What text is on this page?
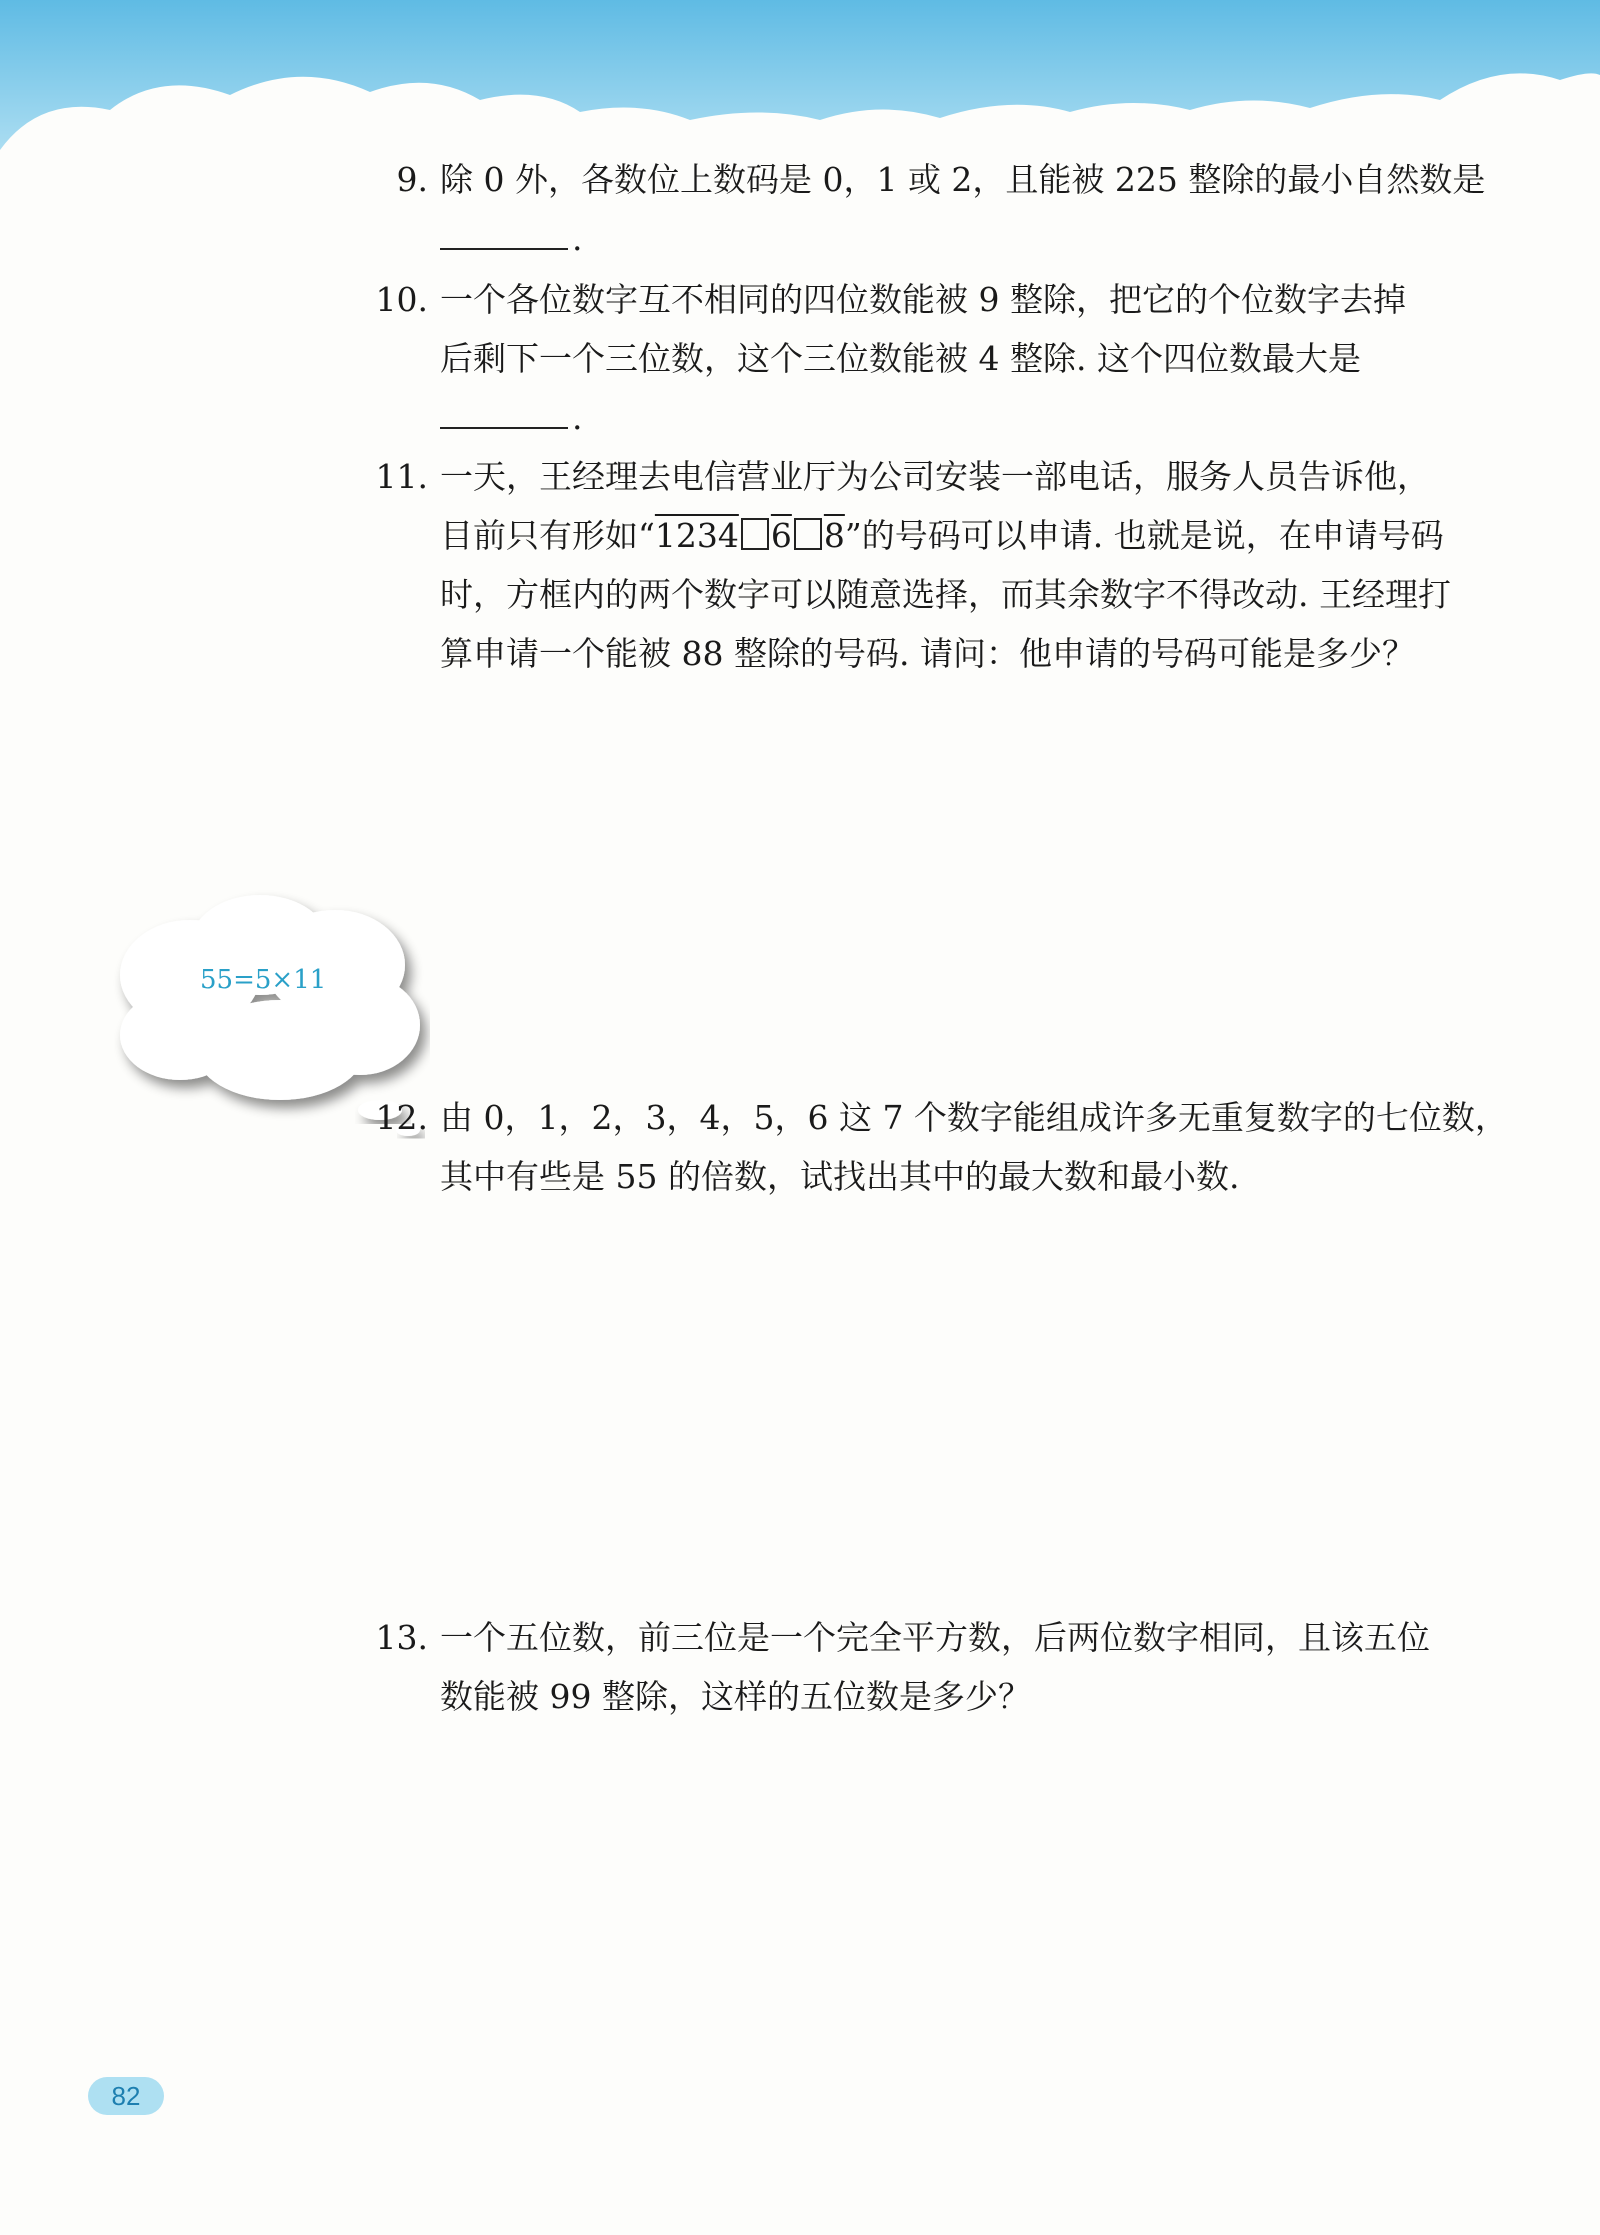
9. 除 0 外，各数位上数码是 0，1 或 2，且能被 225 整除的最小自然数是
.
10. 一个各位数字互不相同的四位数能被 9 整除，把它的个位数字去掉
后剩下一个三位数，这个三位数能被 4 整除. 这个四位数最大是
.
11. 一天，王经理去电信营业厅为公司安装一部电话，服务人员告诉他，
目前只有形如“1234 6 8”的号码可以申请. 也就是说，在申请号码
时，方框内的两个数字可以随意选择，而其余数字不得改动. 王经理打
算申请一个能被 88 整除的号码. 请问：他申请的号码可能是多少？
55=5×11
12. 由 0，1，2，3，4，5，6 这 7 个数字能组成许多无重复数字的七位数，
其中有些是 55 的倍数，试找出其中的最大数和最小数.
13. 一个五位数，前三位是一个完全平方数，后两位数字相同，且该五位
数能被 99 整除，这样的五位数是多少？
82
